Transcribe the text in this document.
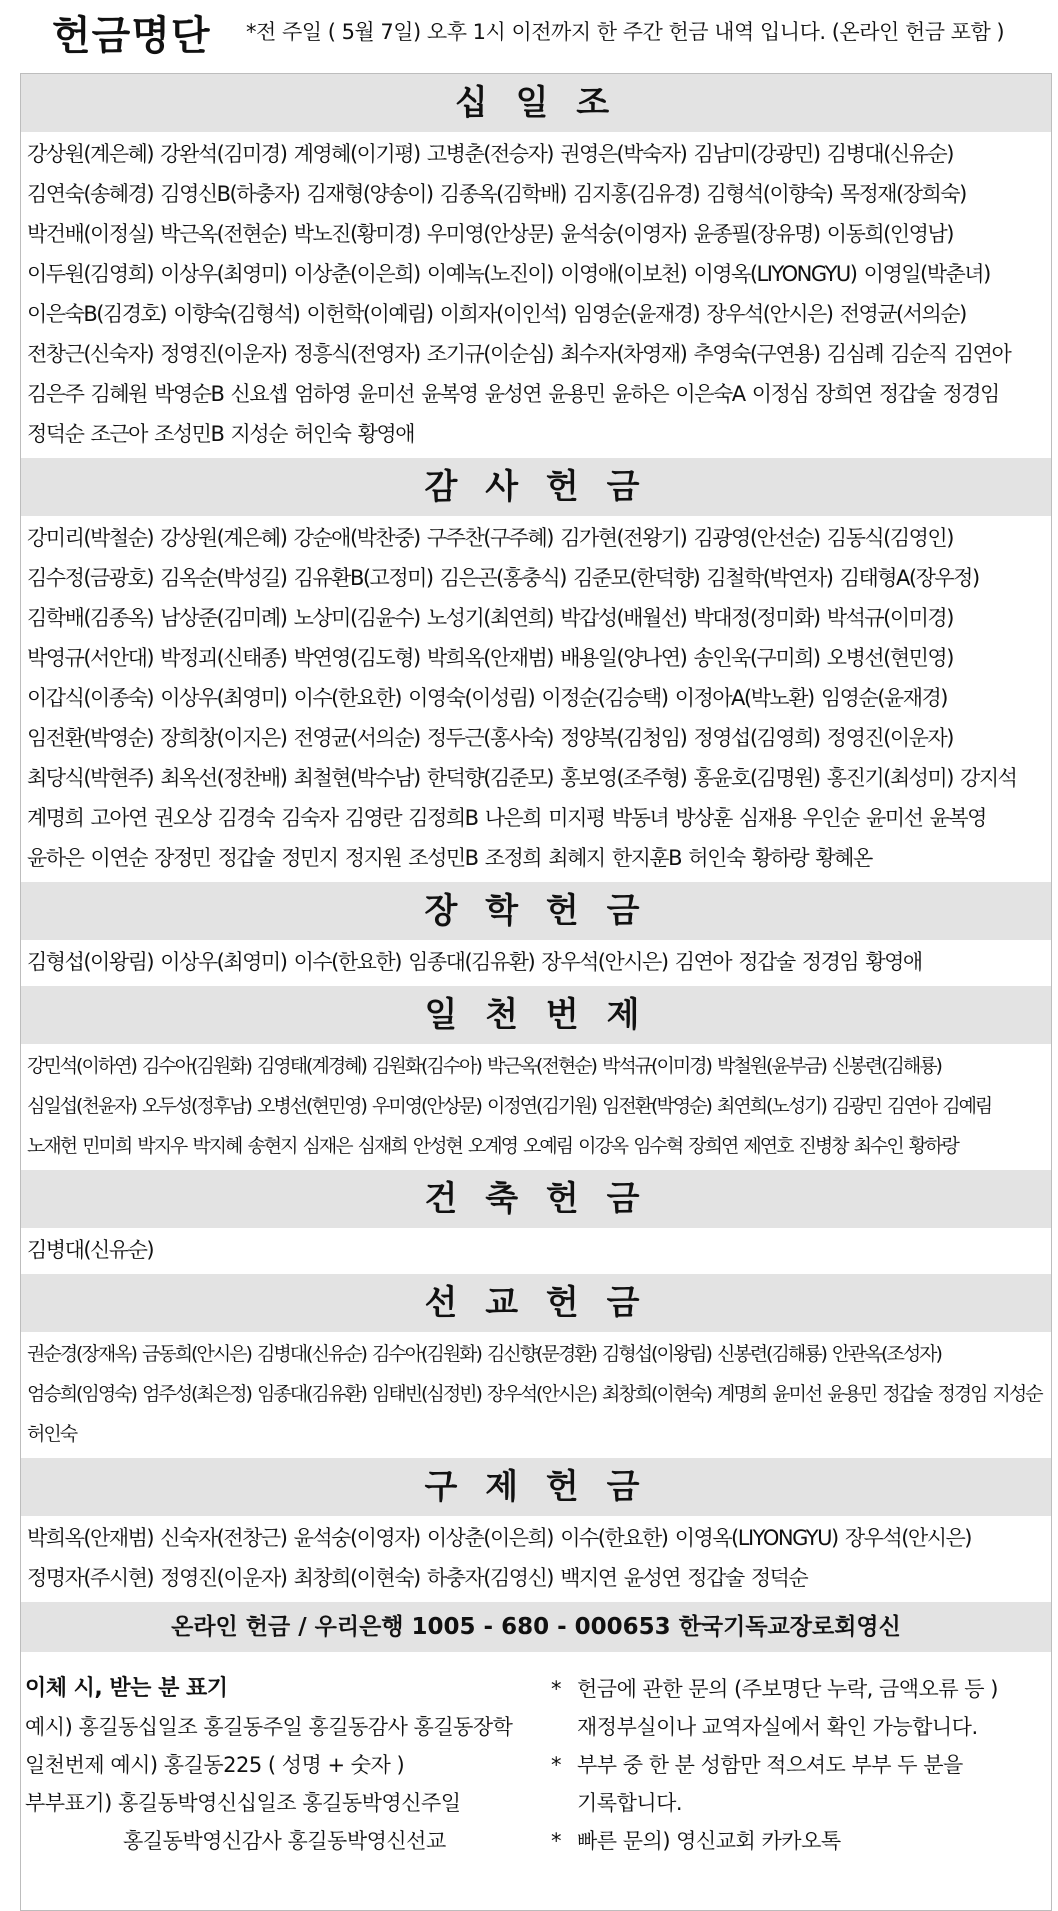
헌금명단 *전 주일 ( 5월 7일) 오후 1시 이전까지 한 주간 헌금 내역 입니다. (온라인 헌금 포함 )
십 일 조
강상원(계은혜) 강완석(김미경) 계영혜(이기평) 고병춘(전승자) 권영은(박숙자) 김남미(강광민) 김병대(신유순) 김연숙(송혜경) 김영신B(하충자) 김재형(양송이) 김종옥(김학배) 김지홍(김유경) 김형석(이향숙) 목정재(장희숙) 박건배(이정실) 박근옥(전현순) 박노진(황미경) 우미영(안상문) 윤석숭(이영자) 윤종필(장유명) 이동희(인영남) 이두원(김영희) 이상우(최영미) 이상춘(이은희) 이예녹(노진이) 이영애(이보천) 이영옥(LIYONGYU) 이영일(박춘녀) 이은숙B(김경호) 이향숙(김형석) 이헌학(이예림) 이희자(이인석) 임영순(윤재경) 장우석(안시은) 전영균(서의순) 전창근(신숙자) 정영진(이운자) 정흥식(전영자) 조기규(이순심) 최수자(차영재) 추영숙(구연용) 김심례 김순직 김연아 김은주 김혜원 박영순B 신요셉 엄하영 윤미선 윤복영 윤성연 윤용민 윤하은 이은숙A 이정심 장희연 정갑술 정경임 정덕순 조근아 조성민B 지성순 허인숙 황영애
감 사 헌 금
강미리(박철순) 강상원(계은혜) 강순애(박찬중) 구주찬(구주혜) 김가현(전왕기) 김광영(안선순) 김동식(김영인) 김수정(금광호) 김옥순(박성길) 김유환B(고정미) 김은곤(홍충식) 김준모(한덕향) 김철학(박연자) 김태형A(장우정) 김학배(김종옥) 남상준(김미례) 노상미(김윤수) 노성기(최연희) 박갑성(배월선) 박대정(정미화) 박석규(이미경) 박영규(서안대) 박정괴(신태종) 박연영(김도형) 박희옥(안재범) 배용일(양나연) 송인욱(구미희) 오병선(현민영) 이갑식(이종숙) 이상우(최영미) 이수(한요한) 이영숙(이성림) 이정순(김승택) 이정아A(박노환) 임영순(윤재경) 임전환(박영순) 장희창(이지은) 전영균(서의순) 정두근(홍사숙) 정양복(김청임) 정영섭(김영희) 정영진(이운자) 최당식(박현주) 최옥선(정찬배) 최철현(박수남) 한덕향(김준모) 홍보영(조주형) 홍윤호(김명원) 홍진기(최성미) 강지석 계명희 고아연 권오상 김경숙 김숙자 김영란 김정희B 나은희 미지평 박동녀 방상훈 심재용 우인순 윤미선 윤복영 윤하은 이연순 장정민 정갑술 정민지 정지원 조성민B 조정희 최혜지 한지훈B 허인숙 황하랑 황혜온
장 학 헌 금
김형섭(이왕림) 이상우(최영미) 이수(한요한) 임종대(김유환) 장우석(안시은) 김연아 정갑술 정경임 황영애
일 천 번 제
강민석(이하연) 김수아(김원화) 김영태(계경혜) 김원화(김수아) 박근옥(전현순) 박석규(이미경) 박철원(윤부금) 신봉련(김해룡) 심일섭(천윤자) 오두성(정후남) 오병선(현민영) 우미영(안상문) 이정연(김기원) 임전환(박영순) 최연희(노성기) 김광민 김연아 김예림 노재헌 민미희 박지우 박지혜 송현지 심재은 심재희 안성현 오계영 오예림 이강옥 임수혁 장희연 제연호 진병창 최수인 황하랑
건 축 헌 금
김병대(신유순)
선 교 헌 금
권순경(장재옥) 금동희(안시은) 김병대(신유순) 김수아(김원화) 김신향(문경환) 김형섭(이왕림) 신봉련(김해룡) 안관옥(조성자) 엄승희(임영숙) 엄주성(최은정) 임종대(김유환) 임태빈(심정빈) 장우석(안시은) 최창희(이현숙) 계명희 윤미선 윤용민 정갑술 정경임 지성순 허인숙
구 제 헌 금
박희옥(안재범) 신숙자(전창근) 윤석숭(이영자) 이상춘(이은희) 이수(한요한) 이영옥(LIYONGYU) 장우석(안시은) 정명자(주시현) 정영진(이운자) 최창희(이현숙) 하충자(김영신) 백지연 윤성연 정갑술 정덕순
온라인 헌금 / 우리은행 1005 - 680 - 000653 한국기독교장로회영신
이체 시, 받는 분 표기
예시) 홍길동십일조 홍길동주일 홍길동감사 홍길동장학
일천번제 예시) 홍길동225 ( 성명 + 숫자 )
부부표기) 홍길동박영신십일조 홍길동박영신주일
홍길동박영신감사 홍길동박영신선교
* 헌금에 관한 문의 (주보명단 누락, 금액오류 등 )
재정부실이나 교역자실에서 확인 가능합니다.
* 부부 중 한 분 성함만 적으셔도 부부 두 분을
기록합니다.
* 빠른 문의) 영신교회 카카오톡
